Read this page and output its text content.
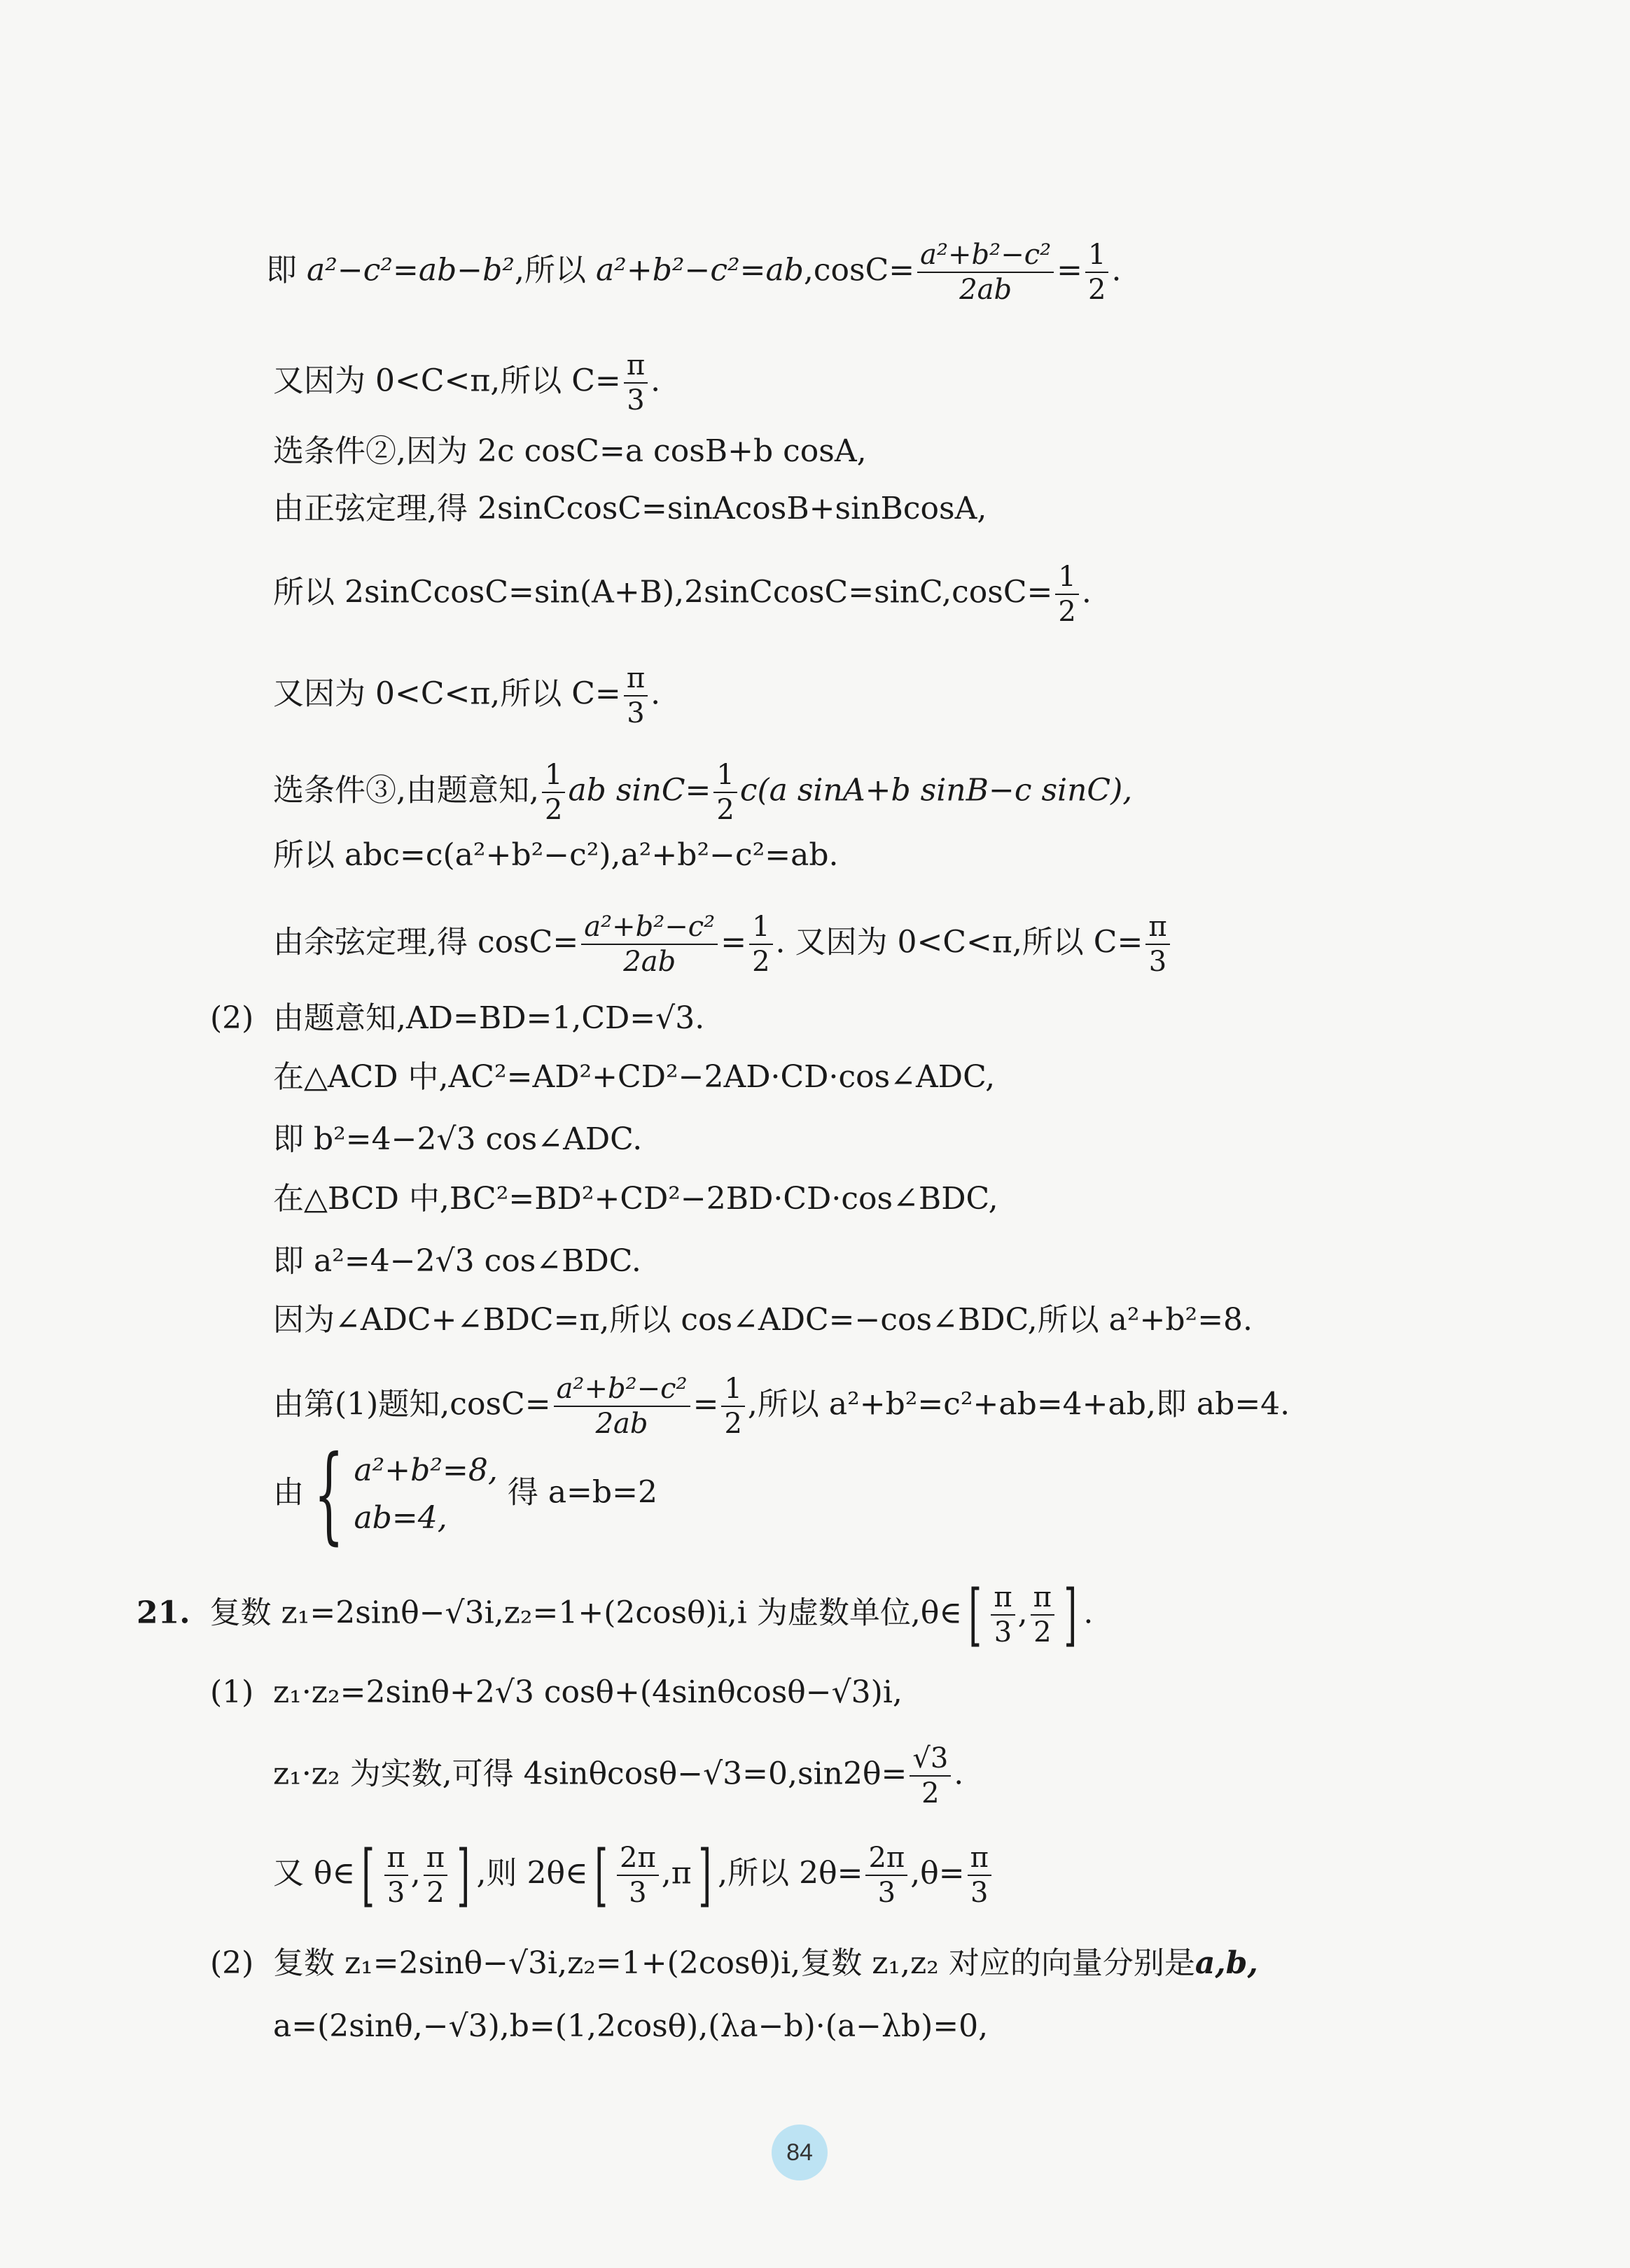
即 a²−c²=ab−b²,所以 $a^2+b^2-c^2=ab,\cos C= \frac{\text{a²+b²−c²}}{2ab} = \frac{1}{2}$ .
又因为 0<C<π,所以 $C= \frac{\pi}{3}$ .
选条件②,因为 2c cosC=a cosB+b cosA,
由正弦定理,得 2sinCcosC=sinAcosB+sinBcosA,
所以 2sinCcosC=sin(A+B),2sinCcosC=sinC,cosC= $\frac{1}{2}$ .
又因为 0<C<π,所以 $C= \frac{\pi}{3}$ .
选条件③,由题意知, $\frac{1}{2}$ ab $\sin C= \frac{1}{2} c(a$ sinA+b sinB−c sinC),
所以 abc=c(a²+b²−c²),a²+b²−c²=ab.
由余弦定理,得 $\cos C= \frac{\text{a²+b²−c²}}{2ab} = \frac{1}{2}$ . 又因为 0<C<π,所以 $C= \frac{\pi}{3}$
(2) 由题意知,AD=BD=1,CD=√3.
在△ACD 中,AC²=AD²+CD²−2AD·CD·cos∠ADC,
即 b²=4−2√3 cos∠ADC.
在△BCD 中,BC²=BD²+CD²−2BD·CD·cos∠BDC,
即 a²=4−2√3 cos∠BDC.
因为∠ADC+∠BDC=π,所以 cos∠ADC=−cos∠BDC,所以 a²+b²=8.
由第(1)题知$,\cos C= \frac{\text{a²+b²−c²}}{2ab} = \frac{1}{2}$ ,所以 a²+b²=c²+ab=4+ab,即 ab=4.
由{ a²+b²=8,
ab=4,
得 a=b=2
21. 复数 z₁=2sinθ−√3i,z₂=1+(2cosθ)i,i 为虚数单位,θ∈[ $\frac{\pi}{3}$ , $\frac{\pi}{2}$ ] .
(1) z₁·z₂=2sinθ+2√3 cosθ+(4sinθcosθ−√3)i,
z₁·z₂ 为实数,可得 $4\sin\theta\cos\theta-√3=0,\sin 2\theta= \frac{√3}{2}$ .
又 θ∈[ $\frac{\pi}{3}$ , $\frac{\pi}{2}$ ] ,则 2θ∈[ $\frac{2\pi}{3} ,\pi$] ,所以 $2\theta= \frac{2\pi}{3} ,\theta= \frac{\pi}{3}$
(2) 复数 z₁=2sinθ−√3i,z₂=1+(2cosθ)i,复数 z₁,z₂ 对应的向量分别是a,b,
a=(2sinθ,−√3),b=(1,2cosθ),(λa−b)·(a−λb)=0,
84
